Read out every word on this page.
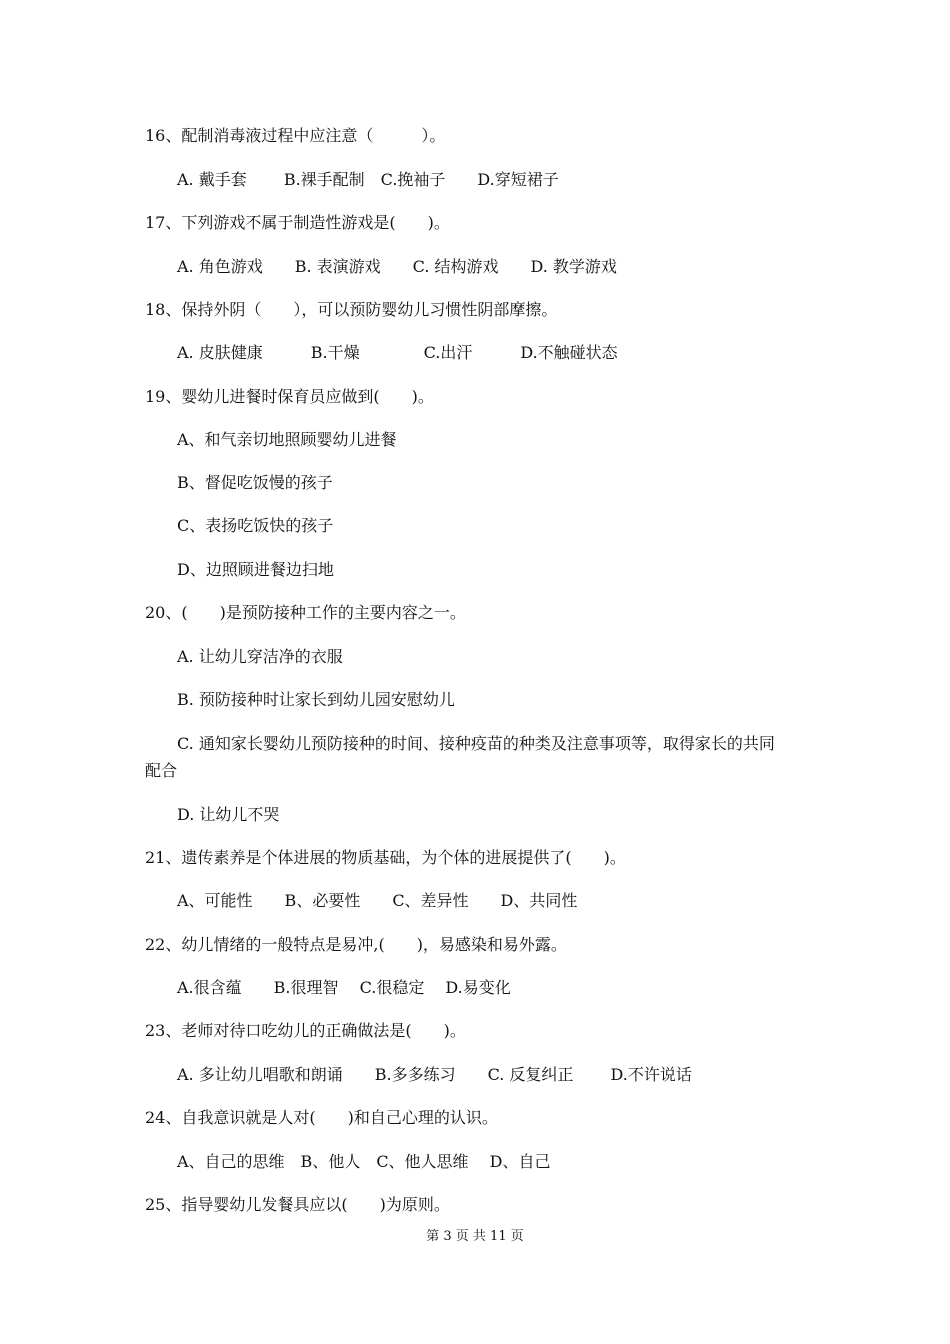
16、配制消毒液过程中应注意（　　　）。
A. 戴手套　　 B.裸手配制　C.挽袖子　　D.穿短裙子
17、下列游戏不属于制造性游戏是(　　)。
A. 角色游戏　　B. 表演游戏　　C. 结构游戏　　D. 教学游戏
18、保持外阴（　　），可以预防婴幼儿习惯性阴部摩擦。
A. 皮肤健康　　　B.干燥　　　　C.出汗　　　D.不触碰状态
19、婴幼儿进餐时保育员应做到(　　)。
A、和气亲切地照顾婴幼儿进餐
B、督促吃饭慢的孩子
C、表扬吃饭快的孩子
D、边照顾进餐边扫地
20、(　　)是预防接种工作的主要内容之一。
A. 让幼儿穿洁净的衣服
B. 预防接种时让家长到幼儿园安慰幼儿
C. 通知家长婴幼儿预防接种的时间、接种疫苗的种类及注意事项等，取得家长的共同
配合
D. 让幼儿不哭
21、遗传素养是个体进展的物质基础，为个体的进展提供了(　　)。
A、可能性　　B、必要性　　C、差异性　　D、共同性
22、幼儿情绪的一般特点是易冲,(　　)，易感染和易外露。
A.很含蕴　　B.很理智　 C.很稳定　 D.易变化
23、老师对待口吃幼儿的正确做法是(　　)。
A. 多让幼儿唱歌和朗诵　　B.多多练习　　C. 反复纠正　　 D.不许说话
24、自我意识就是人对(　　)和自己心理的认识。
A、自己的思维　B、他人　C、他人思维　 D、自己
25、指导婴幼儿发餐具应以(　　)为原则。
第 3 页 共 11 页
